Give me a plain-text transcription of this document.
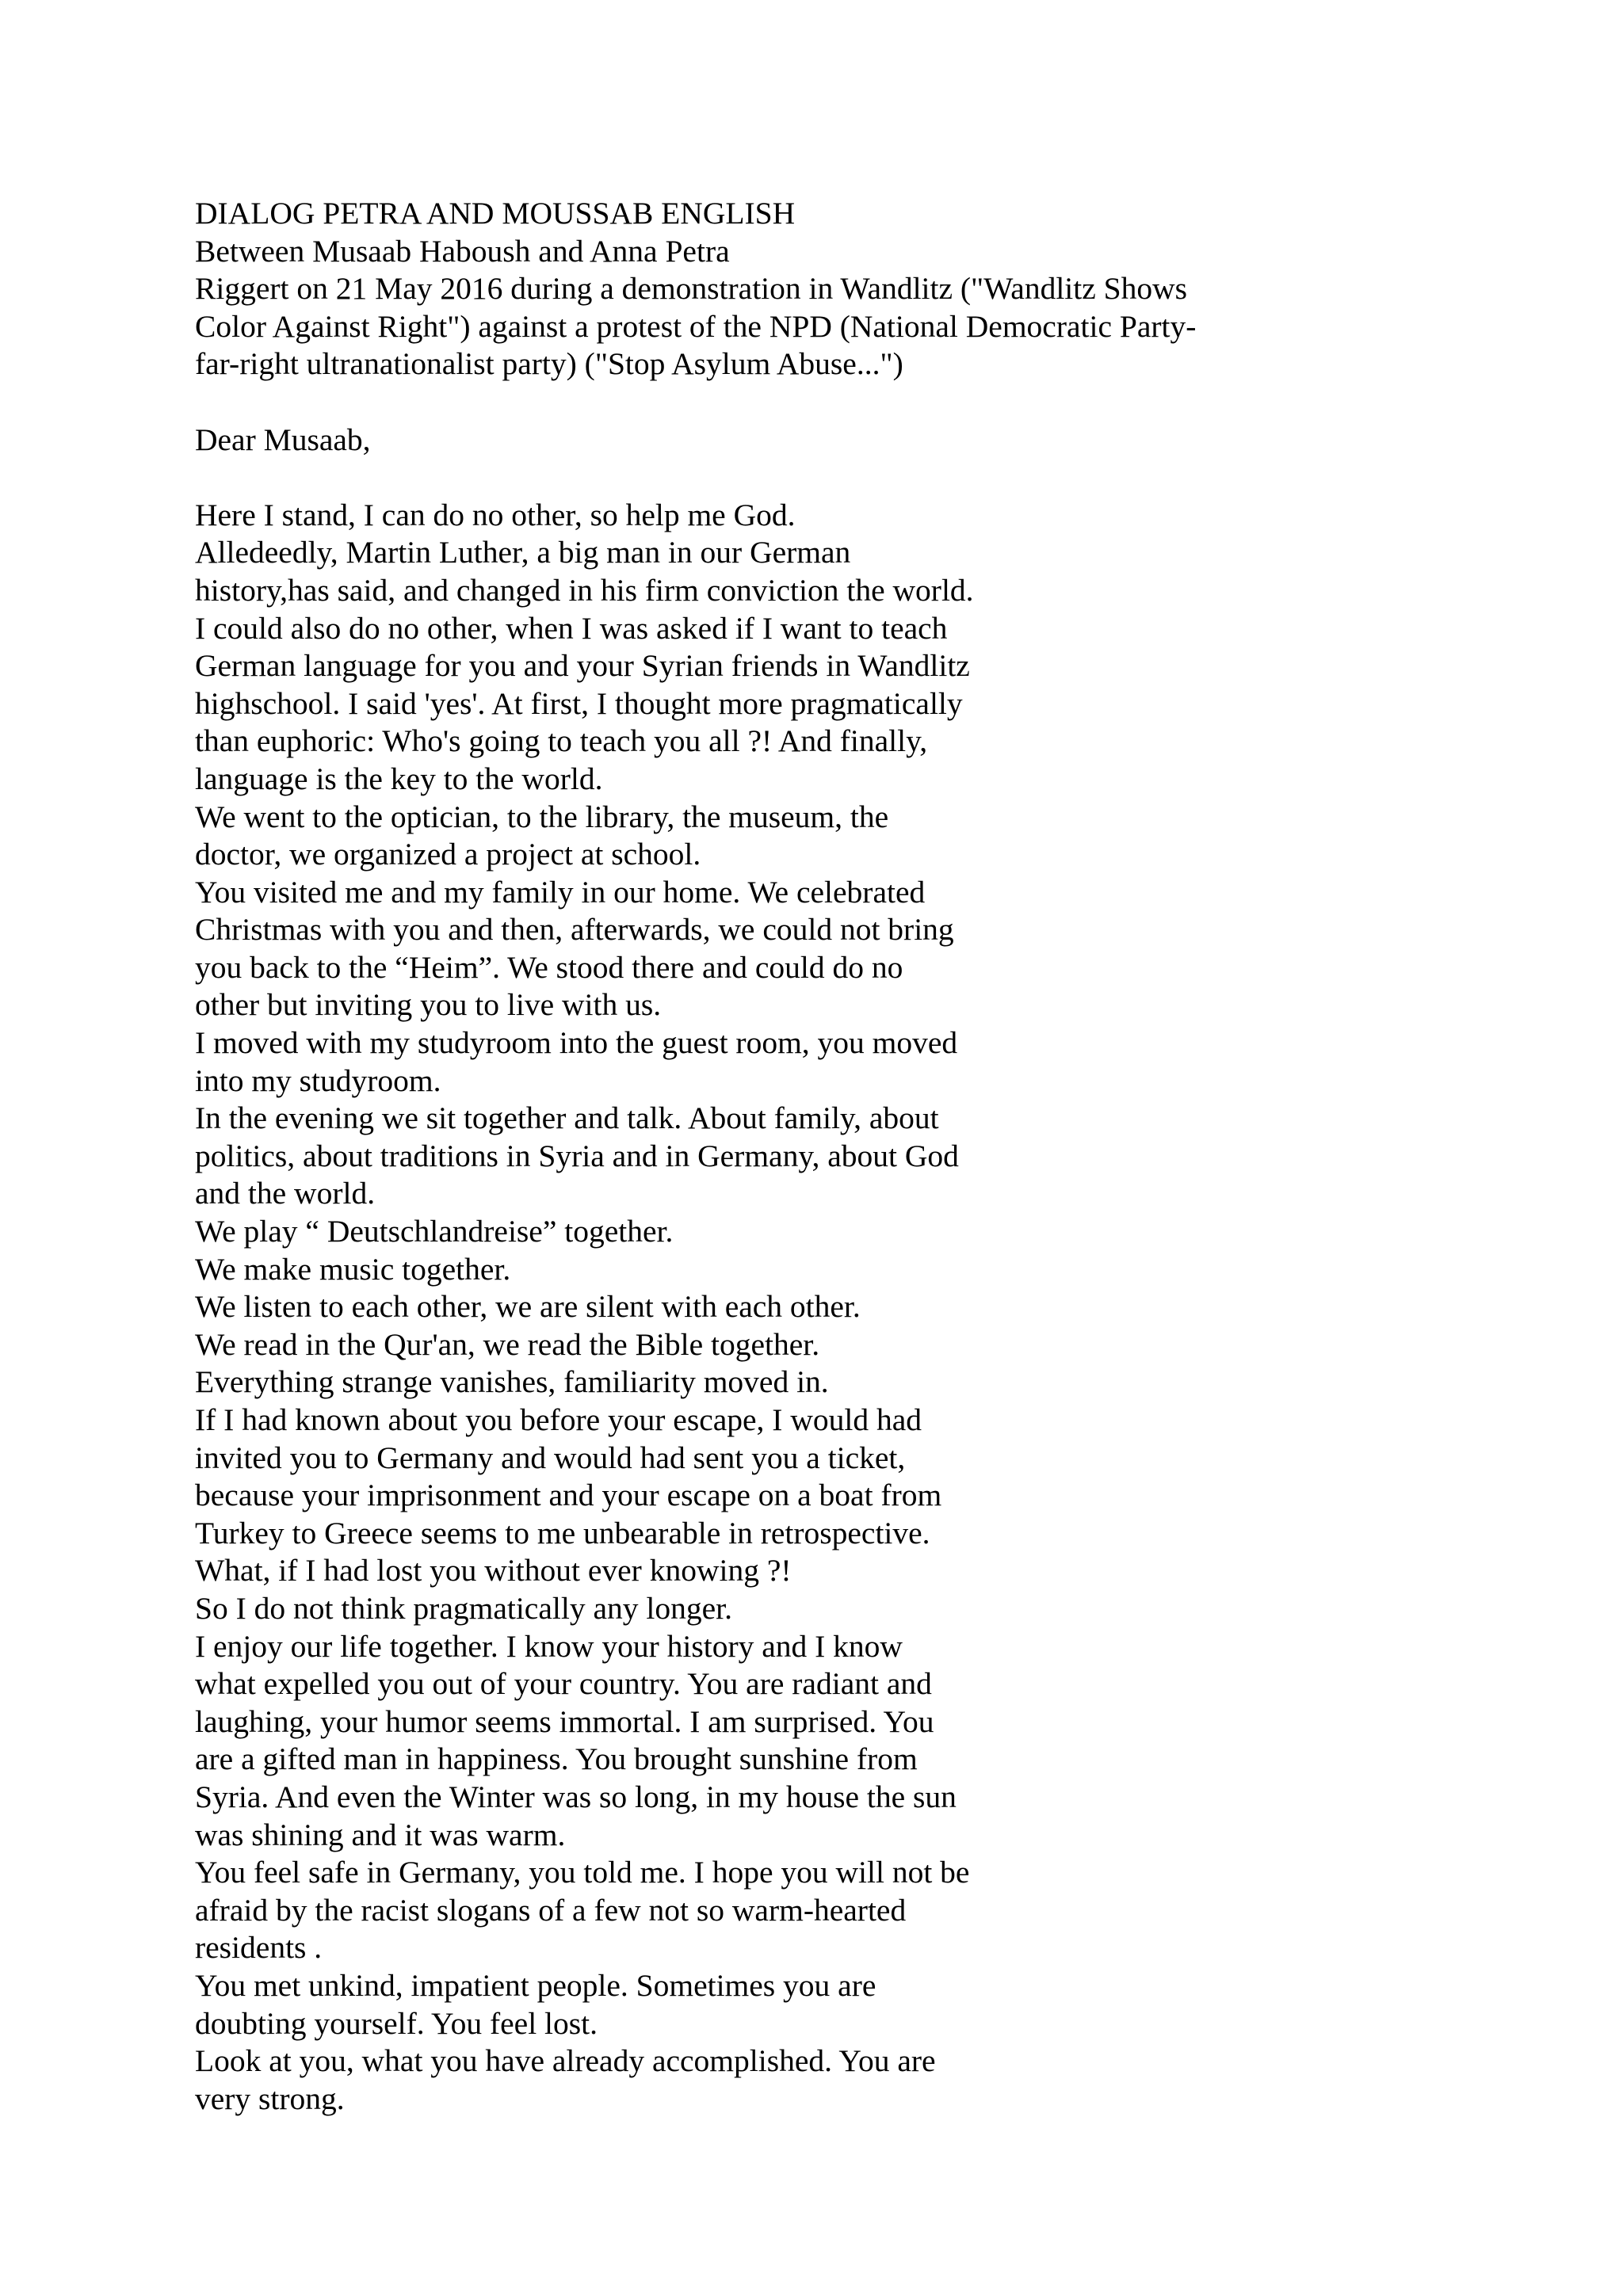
DIALOG PETRA AND MOUSSAB ENGLISH
Between Musaab Haboush and Anna Petra
Riggert on 21 May 2016 during a demonstration in Wandlitz ("Wandlitz Shows
Color Against Right") against a protest of the NPD (National Democratic Party-
far-right ultranationalist party) ("Stop Asylum Abuse...")
Dear Musaab,
Here I stand, I can do no other, so help me God.
Alledeedly, Martin Luther, a big man in our German
history,has said, and changed in his firm conviction the world.
I could also do no other, when I was asked if I want to teach
German language for you and your Syrian friends in Wandlitz
highschool. I said 'yes'. At first, I thought more pragmatically
than euphoric: Who's going to teach you all ?! And finally,
language is the key to the world.
We went to the optician, to the library, the museum, the
doctor, we organized a project at school.
You visited me and my family in our home. We celebrated
Christmas with you and then, afterwards, we could not bring
you back to the “Heim”. We stood there and could do no
other but inviting you to live with us.
I moved with my studyroom into the guest room, you moved
into my studyroom.
In the evening we sit together and talk. About family, about
politics, about traditions in Syria and in Germany, about God
and the world.
We play “ Deutschlandreise” together.
We make music together.
We listen to each other, we are silent with each other.
We read in the Qur'an, we read the Bible together.
Everything strange vanishes, familiarity moved in.
If I had known about you before your escape, I would had
invited you to Germany and would had sent you a ticket,
because your imprisonment and your escape on a boat from
Turkey to Greece seems to me unbearable in retrospective.
What, if I had lost you without ever knowing ?!
So I do not think pragmatically any longer.
I enjoy our life together. I know your history and I know
what expelled you out of your country. You are radiant and
laughing, your humor seems immortal. I am surprised. You
are a gifted man in happiness. You brought sunshine from
Syria. And even the Winter was so long, in my house the sun
was shining and it was warm.
You feel safe in Germany, you told me. I hope you will not be
afraid by the racist slogans of a few not so warm-hearted
residents .
You met unkind, impatient people. Sometimes you are
doubting yourself. You feel lost.
Look at you, what you have already accomplished. You are
very strong.
